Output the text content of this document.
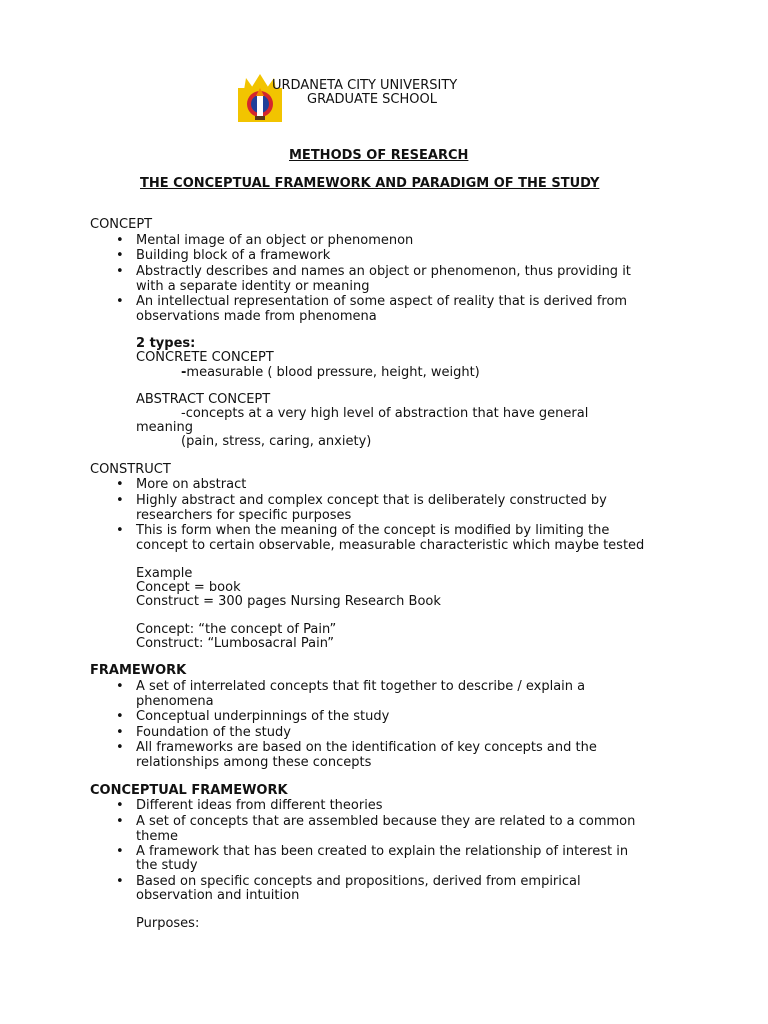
URDANETA CITY UNIVERSITY
GRADUATE SCHOOL
METHODS OF RESEARCH
THE CONCEPTUAL FRAMEWORK AND PARADIGM OF THE STUDY
CONCEPT
• Mental image of an object or phenomenon
• Building block of a framework
• Abstractly describes and names an object or phenomenon, thus providing it
with a separate identity or meaning
• An intellectual representation of some aspect of reality that is derived from
observations made from phenomena
2 types:
CONCRETE CONCEPT
-measurable ( blood pressure, height, weight)
ABSTRACT CONCEPT
-concepts at a very high level of abstraction that have general
meaning
(pain, stress, caring, anxiety)
CONSTRUCT
• More on abstract
• Highly abstract and complex concept that is deliberately constructed by
researchers for specific purposes
• This is form when the meaning of the concept is modified by limiting the
concept to certain observable, measurable characteristic which maybe tested
Example
Concept = book
Construct = 300 pages Nursing Research Book
Concept: “the concept of Pain”
Construct: “Lumbosacral Pain”
FRAMEWORK
• A set of interrelated concepts that fit together to describe / explain a
phenomena
• Conceptual underpinnings of the study
• Foundation of the study
• All frameworks are based on the identification of key concepts and the
relationships among these concepts
CONCEPTUAL FRAMEWORK
• Different ideas from different theories
• A set of concepts that are assembled because they are related to a common
theme
• A framework that has been created to explain the relationship of interest in
the study
• Based on specific concepts and propositions, derived from empirical
observation and intuition
Purposes:
